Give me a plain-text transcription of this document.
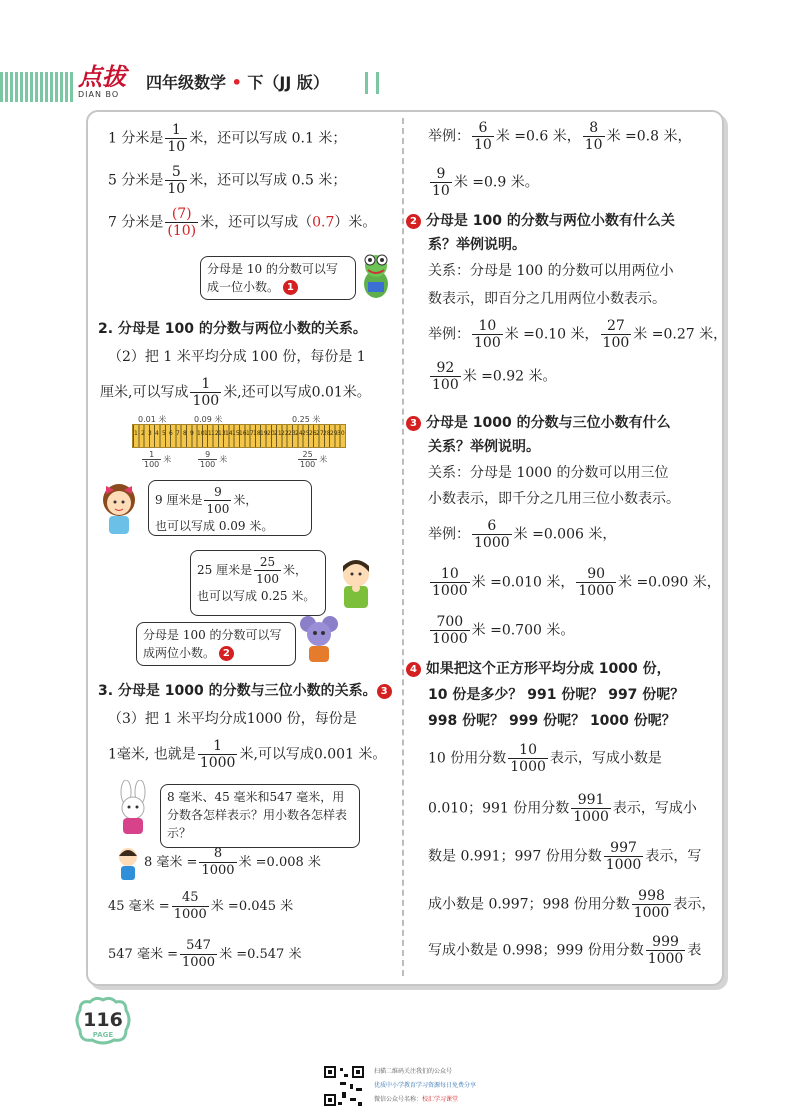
点拔
DIAN BO
四年级数学 • 下（JJ 版）
1 分米是 $\frac{1}{10}$ 米，还可以写成 0.1 米；
5 分米是 $\frac{5}{10}$ 米，还可以写成 0.5 米；
7 分米是 $\frac{(7)}{(10)}$ 米，还可以写成（0.7）米。
分母是 10 的分数可以写成一位小数。 1
2. 分母是 100 的分数与两位小数的关系。
（2）把 1 米平均分成 100 份，每份是 1
厘米,可以写成 $\frac{1}{100}$ 米,还可以写成0.01米。
0.01 米	0.09 米	0.25 米
1 2 3 4 5 6 7 8 9 10 11 12 13 14 15 16 17 18 19 20 21 22 23 24 25 26 27 28 29 30
$\frac{1}{100}$ 米	$\frac{9}{100}$ 米	$\frac{25}{100}$ 米
9 厘米是 $\frac{9}{100}$ 米，
也可以写成 0.09 米。
25 厘米是 $\frac{25}{100}$ 米，
也可以写成 0.25 米。
分母是 100 的分数可以写成两位小数。 2
3. 分母是 1000 的分数与三位小数的关系。 3
（3）把 1 米平均分成1000 份，每份是
1毫米, 也就是 $\frac{1}{1000}$ 米,可以写成0.001 米。
8 毫米、45 毫米和547 毫米，用分数各怎样表示？用小数各怎样表示？
8 毫米 = $\frac{8}{1000}$ 米 =0.008 米
45 毫米 = $\frac{45}{1000}$ 米 =0.045 米
547 毫米 = $\frac{547}{1000}$ 米 =0.547 米
举例： $\frac{6}{10}$ 米 =0.6 米， $\frac{8}{10}$ 米 =0.8 米，
$\frac{9}{10}$ 米 =0.9 米。
2 分母是 100 的分数与两位小数有什么关
系？举例说明。
关系：分母是 100 的分数可以用两位小
数表示，即百分之几用两位小数表示。
举例： $\frac{10}{100}$ 米 =0.10 米， $\frac{27}{100}$ 米 =0.27 米，
$\frac{92}{100}$ 米 =0.92 米。
3 分母是 1000 的分数与三位小数有什么
关系？举例说明。
关系：分母是 1000 的分数可以用三位
小数表示，即千分之几用三位小数表示。
举例： $\frac{6}{1000}$ 米 =0.006 米，
$\frac{10}{1000}$ 米 =0.010 米， $\frac{90}{1000}$ 米 =0.090 米，
$\frac{700}{1000}$ 米 =0.700 米。
4 如果把这个正方形平均分成 1000 份，
10 份是多少？ 991 份呢？ 997 份呢？
998 份呢？ 999 份呢？ 1000 份呢？
10 份用分数 $\frac{10}{1000}$ 表示，写成小数是
0.010；991 份用分数 $\frac{991}{1000}$ 表示，写成小
数是 0.991；997 份用分数 $\frac{997}{1000}$ 表示，写
成小数是 0.997；998 份用分数 $\frac{998}{1000}$ 表示，
写成小数是 0.998；999 份用分数 $\frac{999}{1000}$ 表
116
PAGE
扫描二维码关注我们的公众号
优质中小学教育学习资源每日免费分享
微信公众号名称：校汇学习课堂
